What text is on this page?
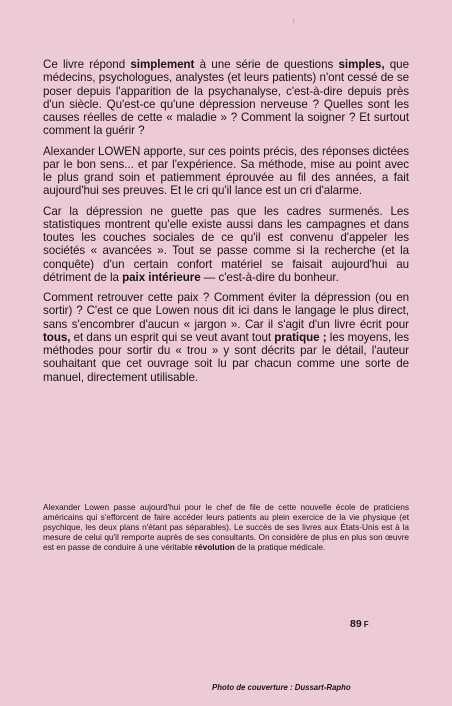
⁷

Ce livre répond simplement à une série de questions simples, que médecins, psychologues, analystes (et leurs patients) n'ont cessé de se poser depuis l'apparition de la psychanalyse, c'est-à-dire depuis près d'un siècle. Qu'est-ce qu'une dépression nerveuse ? Quelles sont les causes réelles de cette « maladie » ? Comment la soigner ? Et surtout comment la guérir ?

Alexander LOWEN apporte, sur ces points précis, des réponses dictées par le bon sens... et par l'expérience. Sa méthode, mise au point avec le plus grand soin et patiemment éprouvée au fil des années, a fait aujourd'hui ses preuves. Et le cri qu'il lance est un cri d'alarme.

Car la dépression ne guette pas que les cadres surmenés. Les statistiques montrent qu'elle existe aussi dans les campagnes et dans toutes les couches sociales de ce qu'il est convenu d'appeler les sociétés « avancées ». Tout se passe comme si la recherche (et la conquête) d'un certain confort matériel se faisait aujourd'hui au détriment de la paix intérieure — c'est-à-dire du bonheur.

Comment retrouver cette paix ? Comment éviter la dépression (ou en sortir) ? C'est ce que Lowen nous dit ici dans le langage le plus direct, sans s'encombrer d'aucun « jargon ». Car il s'agit d'un livre écrit pour tous, et dans un esprit qui se veut avant tout pratique ; les moyens, les méthodes pour sortir du « trou » y sont décrits par le détail, l'auteur souhaitant que cet ouvrage soit lu par chacun comme une sorte de manuel, directement utilisable.

Alexander Lowen passe aujourd'hui pour le chef de file de cette nouvelle école de praticiens américains qui s'efforcent de faire accéder leurs patients au plein exercice de la vie physique (et psychique, les deux plans n'étant pas séparables). Le succès de ses livres aux États-Unis est à la mesure de celui qu'il remporte auprès de ses consultants. On considère de plus en plus son œuvre est en passe de conduire à une véritable révolution de la pratique médicale.

89 F
Photo de couverture : Dussart-Rapho
